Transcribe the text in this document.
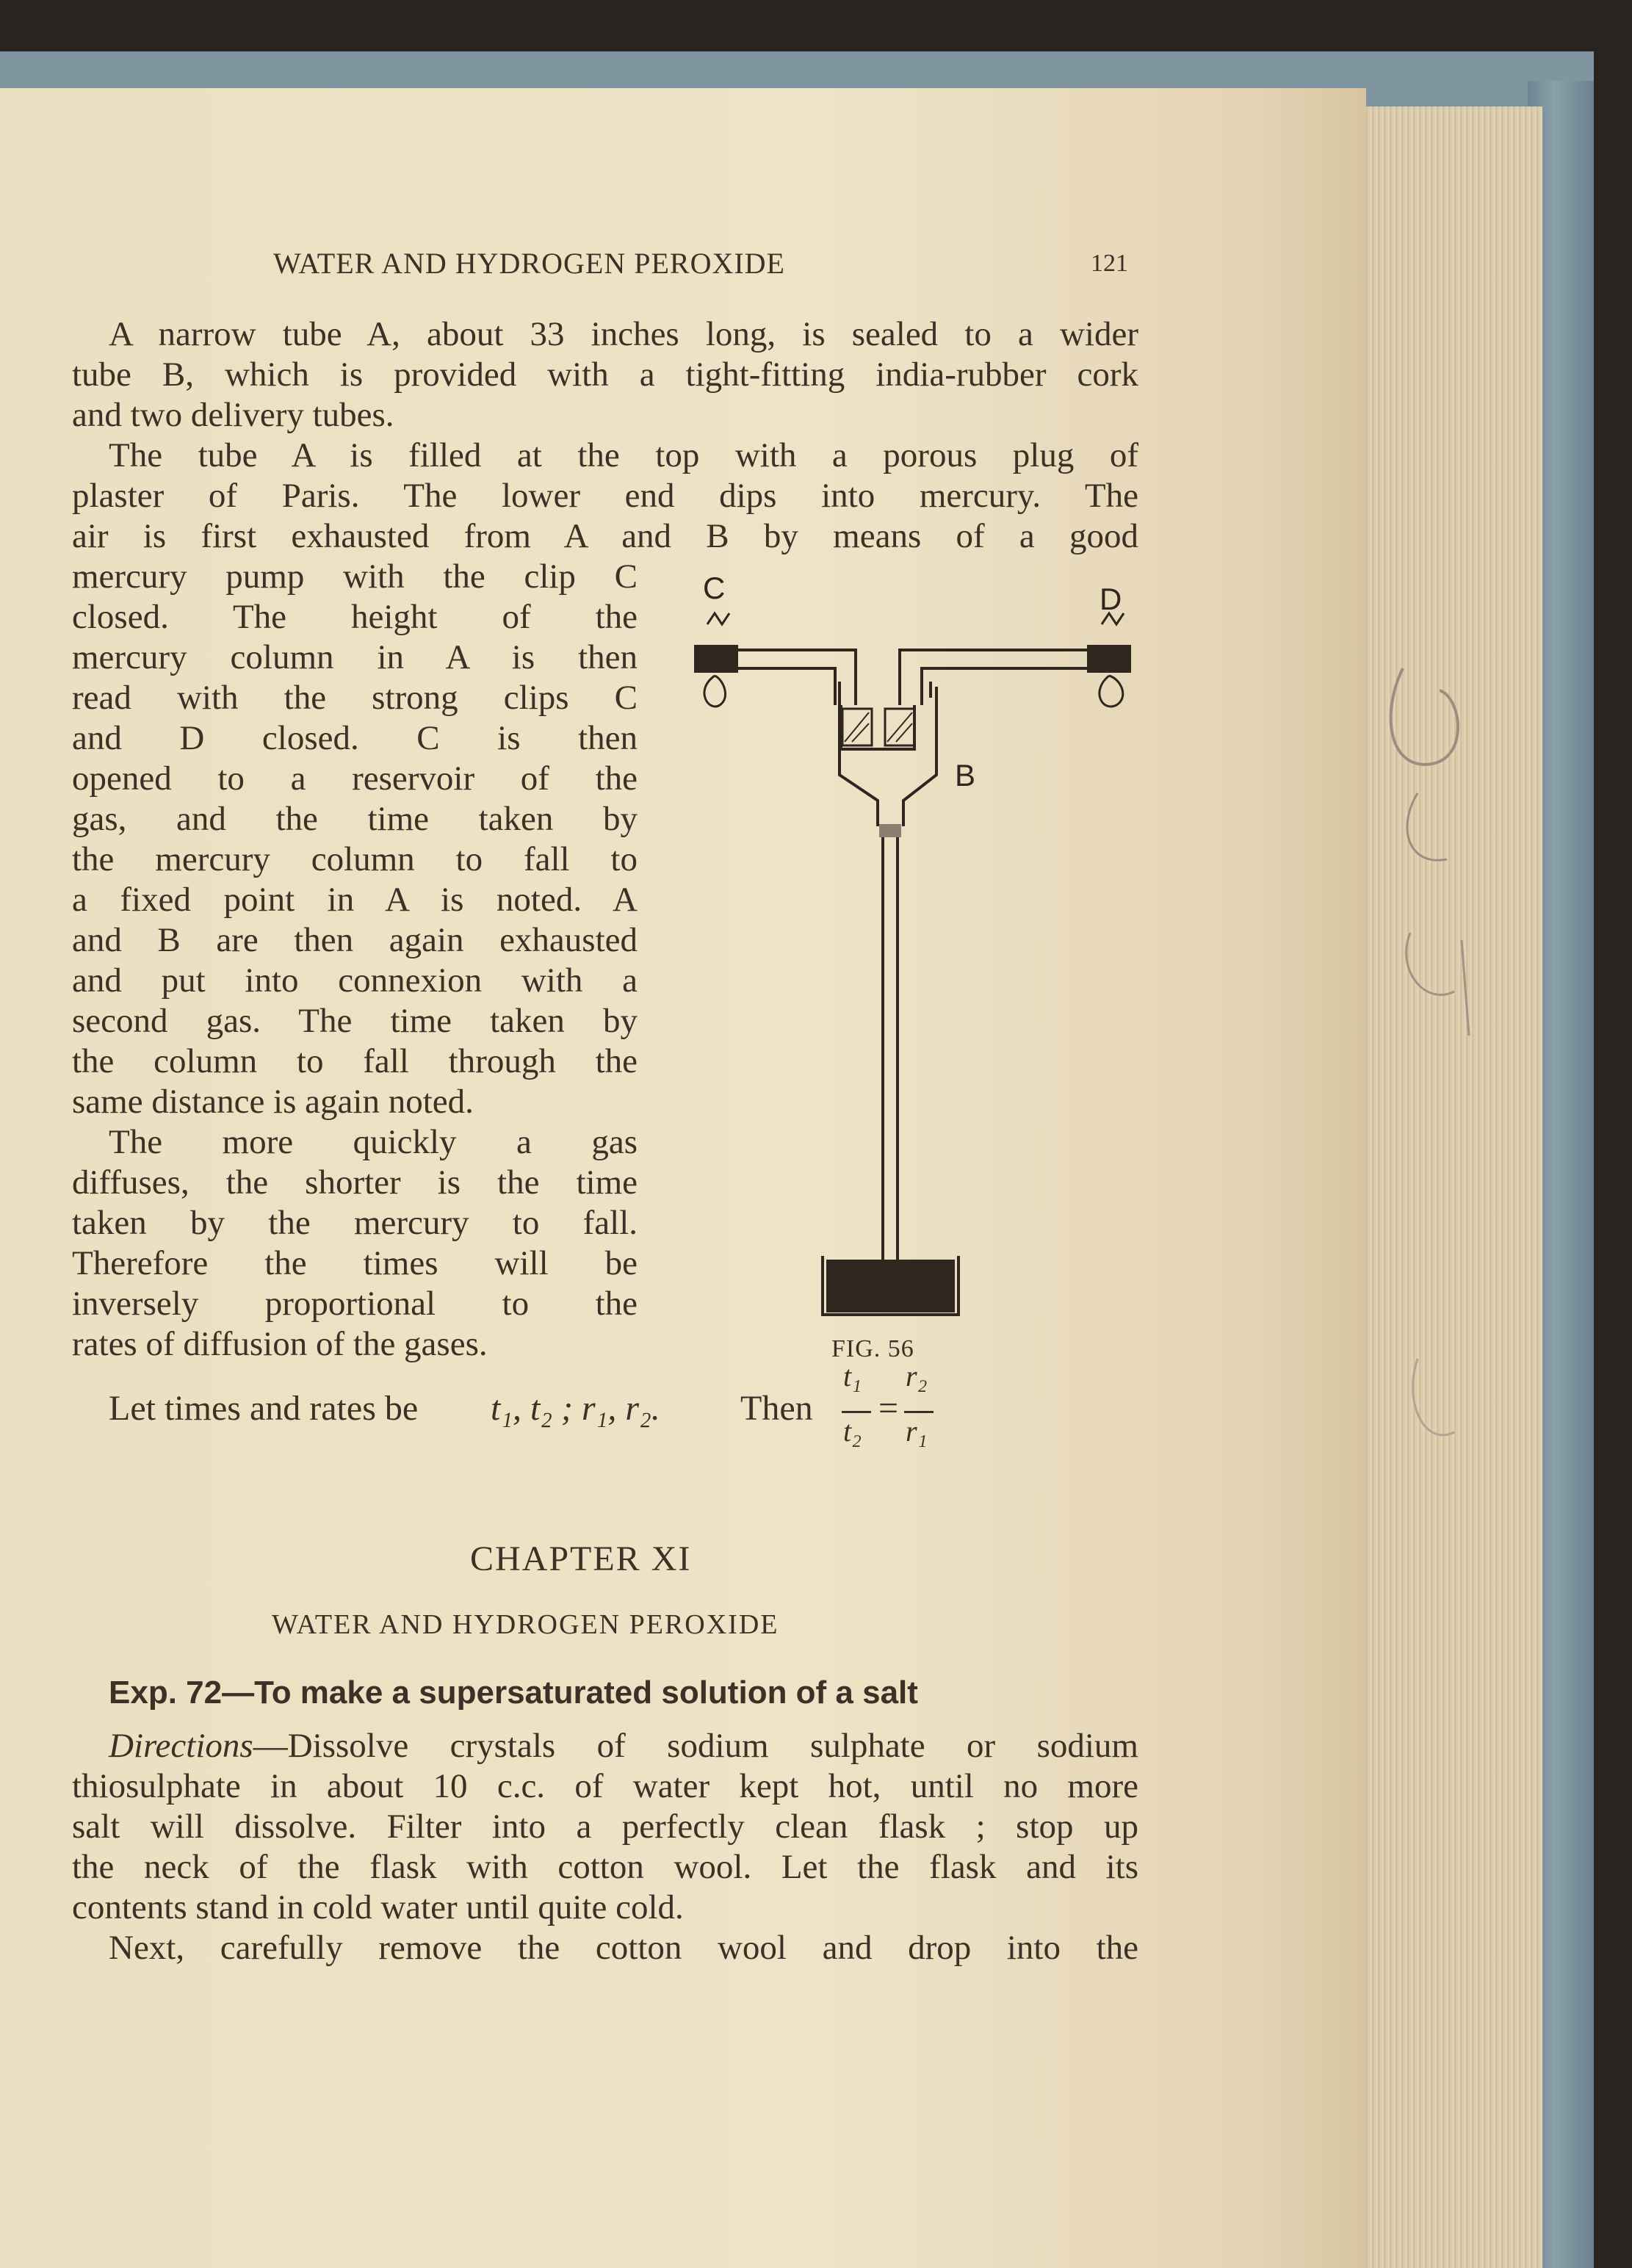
WATER AND HYDROGEN PEROXIDE	121

A narrow tube A, about 33 inches long, is sealed to a wider

tube B, which is provided with a tight-fitting india-rubber cork

and two delivery tubes.

The tube A is filled at the top with a porous plug of

plaster of Paris. The lower end dips into mercury. The

air is first exhausted from A and B by means of a good

mercury pump with the clip C

closed. The height of the

mercury column in A is then

read with the strong clips C

and D closed. C is then

opened to a reservoir of the

gas, and the time taken by

the mercury column to fall to

a fixed point in A is noted. A

and B are then again exhausted

and put into connexion with a

second gas. The time taken by

the column to fall through the

same distance is again noted.

The more quickly a gas

diffuses, the shorter is the time

taken by the mercury to fall.

Therefore the times will be

inversely proportional to the

rates of diffusion of the gases.

C	D
B

FIG. 56

Let times and rates be t₁, t₂ ; r₁, r₂. Then
t₁
t₂
=
r₂
r₁

CHAPTER XI

WATER AND HYDROGEN PEROXIDE

Exp. 72—To make a supersaturated solution of a salt

Directions—Dissolve crystals of sodium sulphate or sodium

thiosulphate in about 10 c.c. of water kept hot, until no more

salt will dissolve. Filter into a perfectly clean flask ; stop up

the neck of the flask with cotton wool. Let the flask and its

contents stand in cold water until quite cold.

Next, carefully remove the cotton wool and drop into the
